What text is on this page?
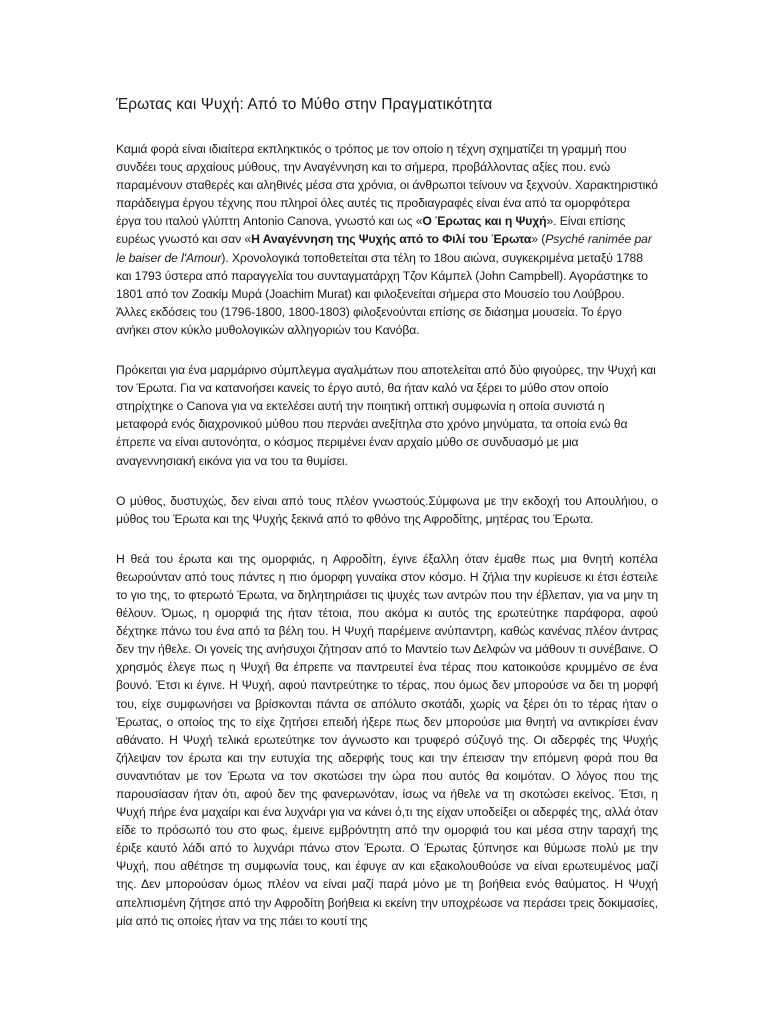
Έρωτας και Ψυχή: Από το Μύθο στην Πραγματικότητα

Καμιά φορά είναι ιδιαίτερα εκπληκτικός ο τρόπος με τον οποίο η τέχνη σχηματίζει τη γραμμή που συνδέει τους αρχαίους μύθους, την Αναγέννηση και το σήμερα, προβάλλοντας αξίες που. ενώ παραμένουν σταθερές και αληθινές μέσα στα χρόνια, οι άνθρωποι τείνουν να ξεχνούν. Χαρακτηριστικό παράδειγμα έργου τέχνης που πληροί όλες αυτές τις προδιαγραφές είναι ένα από τα ομορφότερα έργα του ιταλού γλύπτη Antonio Canova, γνωστό και ως «Ο Έρωτας και η Ψυχή». Είναι επίσης ευρέως γνωστό και σαν «Η Αναγέννηση της Ψυχής από το Φιλί του Έρωτα» (Psyché ranimée par le baiser de l'Amour). Χρονολογικά τοποθετείται στα τέλη το 18ου αιώνα, συγκεκριμένα μεταξύ 1788 και 1793 ύστερα από παραγγελία του συνταγματάρχη Τζον Κάμπελ (John Campbell). Αγοράστηκε το 1801 από τον Ζοακίμ Μυρά (Joachim Murat) και φιλοξενείται σήμερα στο Μουσείο του Λούβρου. Άλλες εκδόσεις του (1796-1800, 1800-1803) φιλοξενούνται επίσης σε διάσημα μουσεία. Το έργο ανήκει στον κύκλο μυθολογικών αλληγοριών του Κανόβα.

Πρόκειται για ένα μαρμάρινο σύμπλεγμα αγαλμάτων που αποτελείται από δύο φιγούρες, την Ψυχή και τον Έρωτα. Για να κατανοήσει κανείς το έργο αυτό, θα ήταν καλό να ξέρει το μύθο στον οποίο στηρίχτηκε ο Canova για να εκτελέσει αυτή την ποιητική οπτική συμφωνία η οποία συνιστά η μεταφορά ενός διαχρονικού μύθου που περνάει ανεξίτηλα στο χρόνο μηνύματα, τα οποία ενώ θα έπρεπε να είναι αυτονόητα, ο κόσμος περιμένει έναν αρχαίο μύθο σε συνδυασμό με μια αναγεννησιακή εικόνα για να του τα θυμίσει.

Ο μύθος, δυστυχώς, δεν είναι από τους πλέον γνωστούς.Σύμφωνα με την εκδοχή του Απουλήιου, ο μύθος του Έρωτα και της Ψυχής ξεκινά από το φθόνο της Αφροδίτης, μητέρας του Έρωτα.

Η θεά του έρωτα και της ομορφιάς, η Αφροδίτη, έγινε έξαλλη όταν έμαθε πως μια θνητή κοπέλα θεωρούνταν από τους πάντες η πιο όμορφη γυναίκα στον κόσμο. Η ζήλια την κυρίευσε κι έτσι έστειλε το γιο της, το φτερωτό Έρωτα, να δηλητηριάσει τις ψυχές των αντρών που την έβλεπαν, για να μην τη θέλουν. Όμως, η ομορφιά της ήταν τέτοια, που ακόμα κι αυτός της ερωτεύτηκε παράφορα, αφού δέχτηκε πάνω του ένα από τα βέλη του. Η Ψυχή παρέμεινε ανύπαντρη, καθώς κανένας πλέον άντρας δεν την ήθελε. Οι γονείς της ανήσυχοι ζήτησαν από το Μαντείο των Δελφών να μάθουν τι συνέβαινε. Ο χρησμός έλεγε πως η Ψυχή θα έπρεπε να παντρευτεί ένα τέρας που κατοικούσε κρυμμένο σε ένα βουνό. Έτσι κι έγινε. Η Ψυχή, αφού παντρεύτηκε το τέρας, που όμως δεν μπορούσε να δει τη μορφή του, είχε συμφωνήσει να βρίσκονται πάντα σε απόλυτο σκοτάδι, χωρίς να ξέρει ότι το τέρας ήταν ο Έρωτας, ο οποίος της το είχε ζητήσει επειδή ήξερε πως δεν μπορούσε μια θνητή να αντικρίσει έναν αθάνατο. Η Ψυχή τελικά ερωτεύτηκε τον άγνωστο και τρυφερό σύζυγό της. Οι αδερφές της Ψυχής ζήλεψαν τον έρωτα και την ευτυχία της αδερφής τους και την έπεισαν την επόμενη φορά που θα συναντιόταν με τον Έρωτα να τον σκοτώσει την ώρα που αυτός θα κοιμόταν. Ο λόγος που της παρουσίασαν ήταν ότι, αφού δεν της φανερωνόταν, ίσως να ήθελε να τη σκοτώσει εκείνος. Έτσι, η Ψυχή πήρε ένα μαχαίρι και ένα λυχνάρι για να κάνει ό,τι της είχαν υποδείξει οι αδερφές της, αλλά όταν είδε το πρόσωπό του στο φως, έμεινε εμβρόντητη από την ομορφιά του και μέσα στην ταραχή της έριξε καυτό λάδι από το λυχνάρι πάνω στον Έρωτα. Ο Έρωτας ξύπνησε και θύμωσε πολύ με την Ψυχή, που αθέτησε τη συμφωνία τους, και έφυγε αν και εξακολουθούσε να είναι ερωτευμένος μαζί της. Δεν μπορούσαν όμως πλέον να είναι μαζί παρά μόνο με τη βοήθεια ενός θαύματος. Η Ψυχή απελπισμένη ζήτησε από την Αφροδίτη βοήθεια κι εκείνη την υποχρέωσε να περάσει τρεις δοκιμασίες, μία από τις οποίες ήταν να της πάει το κουτί της
